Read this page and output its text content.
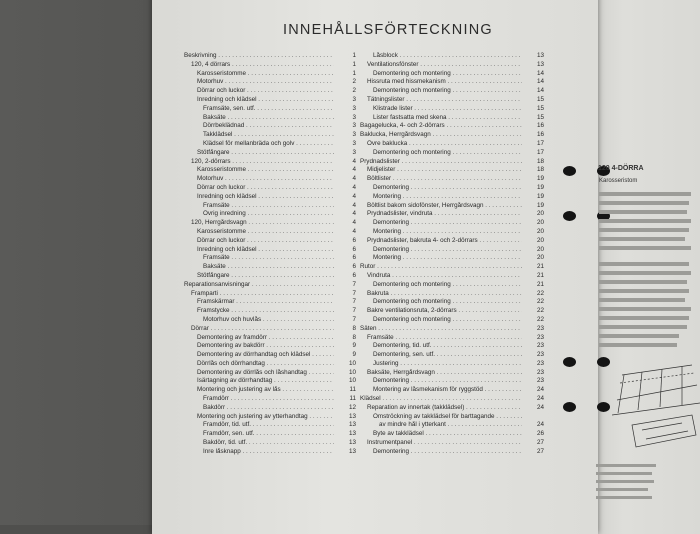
INNEHÅLLSFÖRTECKNING
Beskrivning . . .	1
120, 4 dörrars . . .	1
Karosseristomme . . .	1
Motorhuv . . .	2
Dörrar och luckor . . .	2
Inredning och klädsel . . .	3
Framsäte, sen. utf. . . .	3
Baksäte . . .	3
Dörrbeklädnad . . .	3
Takklädsel . . .	3
Klädsel för mellanbräda och golv . . .	3
Stötfångare . . .	3
120, 2-dörrars . . .	4
Karosseristomme . . .	4
Motorhuv . . .	4
Dörrar och luckor . . .	4
Inredning och klädsel . . .	4
Framsäte . . .	4
Övrig inredning . . .	4
120, Herrgårdsvagn . . .	4
Karosseristomme . . .	4
Dörrar och luckor . . .	6
Inredning och klädsel . . .	6
Framsäte . . .	6
Baksäte . . .	6
Stötfångare . . .	6
Reparationsanvisningar . . .	7
Framparti . . .	7
Framskärmar . . .	7
Framstycke . . .	7
Motorhuv och huvlås . . .	7
Dörrar . . .	8
Demontering av framdörr . . .	8
Demontering av bakdörr . . .	9
Demontering av dörrhandtag och klädsel . . .	9
Dörrlås och dörrhandtag . . .	10
Demontering av dörrlås och låshandtag . . .	10
Isärtagning av dörrhandtag . . .	10
Montering och justering av lås . . .	11
Framdörr . . .	11
Bakdörr . . .	12
Montering och justering av ytterhandtag . . .	13
Framdörr, tid. utf. . . .	13
Framdörr, sen. utf. . . .	13
Bakdörr, tid. utf. . . .	13
Inre låsknapp . . .	13
Låsblock . . .	13
Ventilationsfönster . . .	13
Demontering och montering . . .	14
Hissruta med hissmekanism . . .	14
Demontering och montering . . .	14
Tätningslister . . .	15
Klistrade lister . . .	15
Lister fastsatta med skena . . .	15
Bagagelucka, 4- och 2-dörrars . . .	16
Baklucka, Herrgårdsvagn . . .	16
Övre baklucka . . .	17
Demontering och montering . . .	17
Prydnadslister . . .	18
Midjelister . . .	18
Böltlister . . .	19
Demontering . . .	19
Montering . . .	19
Böltlist bakom sidofönster, Herrgårdsvagn . . .	19
Prydnadslister, vindruta . . .	20
Demontering . . .	20
Montering . . .	20
Prydnadslister, bakruta 4- och 2-dörrars . . .	20
Demontering . . .	20
Montering . . .	20
Rutor . . .	21
Vindruta . . .	21
Demontering och montering . . .	21
Bakruta . . .	22
Demontering och montering . . .	22
Bakre ventilationsruta, 2-dörrars . . .	22
Demontering och montering . . .	22
Säten . . .	23
Framsäte . . .	23
Demontering, tid. utf. . . .	23
Demontering, sen. utf. . . .	23
Justering . . .	23
Baksäte, Herrgårdsvagn . . .	23
Demontering . . .	23
Montering av låsmekanism för ryggstöd . . .	24
Klädsel . . .	24
Reparation av innertak (takklädsel) . . .	24
Omströckning av takklädsel för barttagande . . .
av mindre hål i ytterkant . . .	24
Byte av takklädsel . . .	26
Instrumentpanel . . .	27
Demontering . . .	27
120 4-DÖRRA
Karosseristom
